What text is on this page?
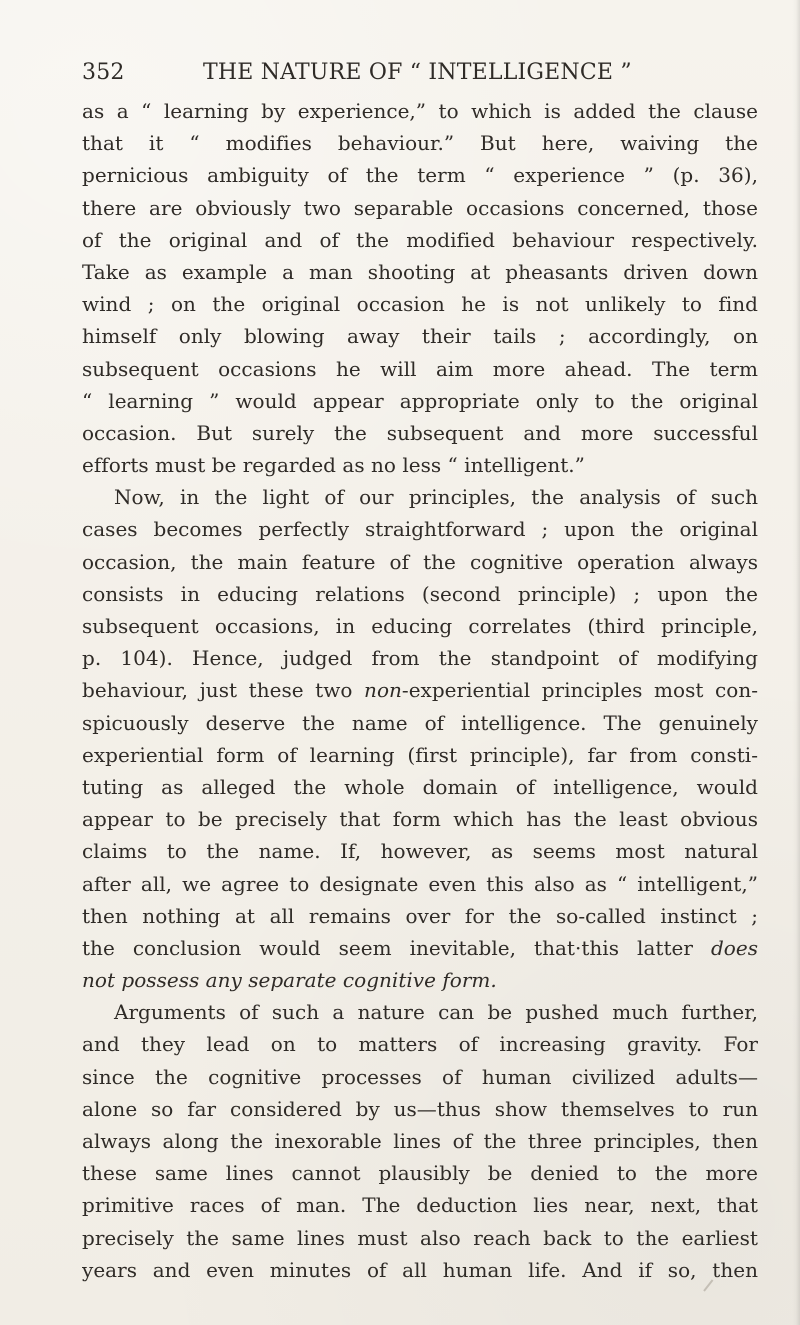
352	THE NATURE OF “ INTELLIGENCE ”
as a “ learning by experience,” to which is added the clause
that it “ modifies behaviour.” But here, waiving the
pernicious ambiguity of the term “ experience ” (p. 36),
there are obviously two separable occasions concerned, those
of the original and of the modified behaviour respectively.
Take as example a man shooting at pheasants driven down
wind ; on the original occasion he is not unlikely to find
himself only blowing away their tails ; accordingly, on
subsequent occasions he will aim more ahead. The term
“ learning ” would appear appropriate only to the original
occasion. But surely the subsequent and more successful
efforts must be regarded as no less “ intelligent.”
Now, in the light of our principles, the analysis of such
cases becomes perfectly straightforward ; upon the original
occasion, the main feature of the cognitive operation always
consists in educing relations (second principle) ; upon the
subsequent occasions, in educing correlates (third principle,
p. 104). Hence, judged from the standpoint of modifying
behaviour, just these two non-experiential principles most con-
spicuously deserve the name of intelligence. The genuinely
experiential form of learning (first principle), far from consti-
tuting as alleged the whole domain of intelligence, would
appear to be precisely that form which has the least obvious
claims to the name. If, however, as seems most natural
after all, we agree to designate even this also as “ intelligent,”
then nothing at all remains over for the so-called instinct ;
the conclusion would seem inevitable, that·this latter does
not possess any separate cognitive form.
Arguments of such a nature can be pushed much further,
and they lead on to matters of increasing gravity. For
since the cognitive processes of human civilized adults—
alone so far considered by us—thus show themselves to run
always along the inexorable lines of the three principles, then
these same lines cannot plausibly be denied to the more
primitive races of man. The deduction lies near, next, that
precisely the same lines must also reach back to the earliest
years and even minutes of all human life. And if so, then
